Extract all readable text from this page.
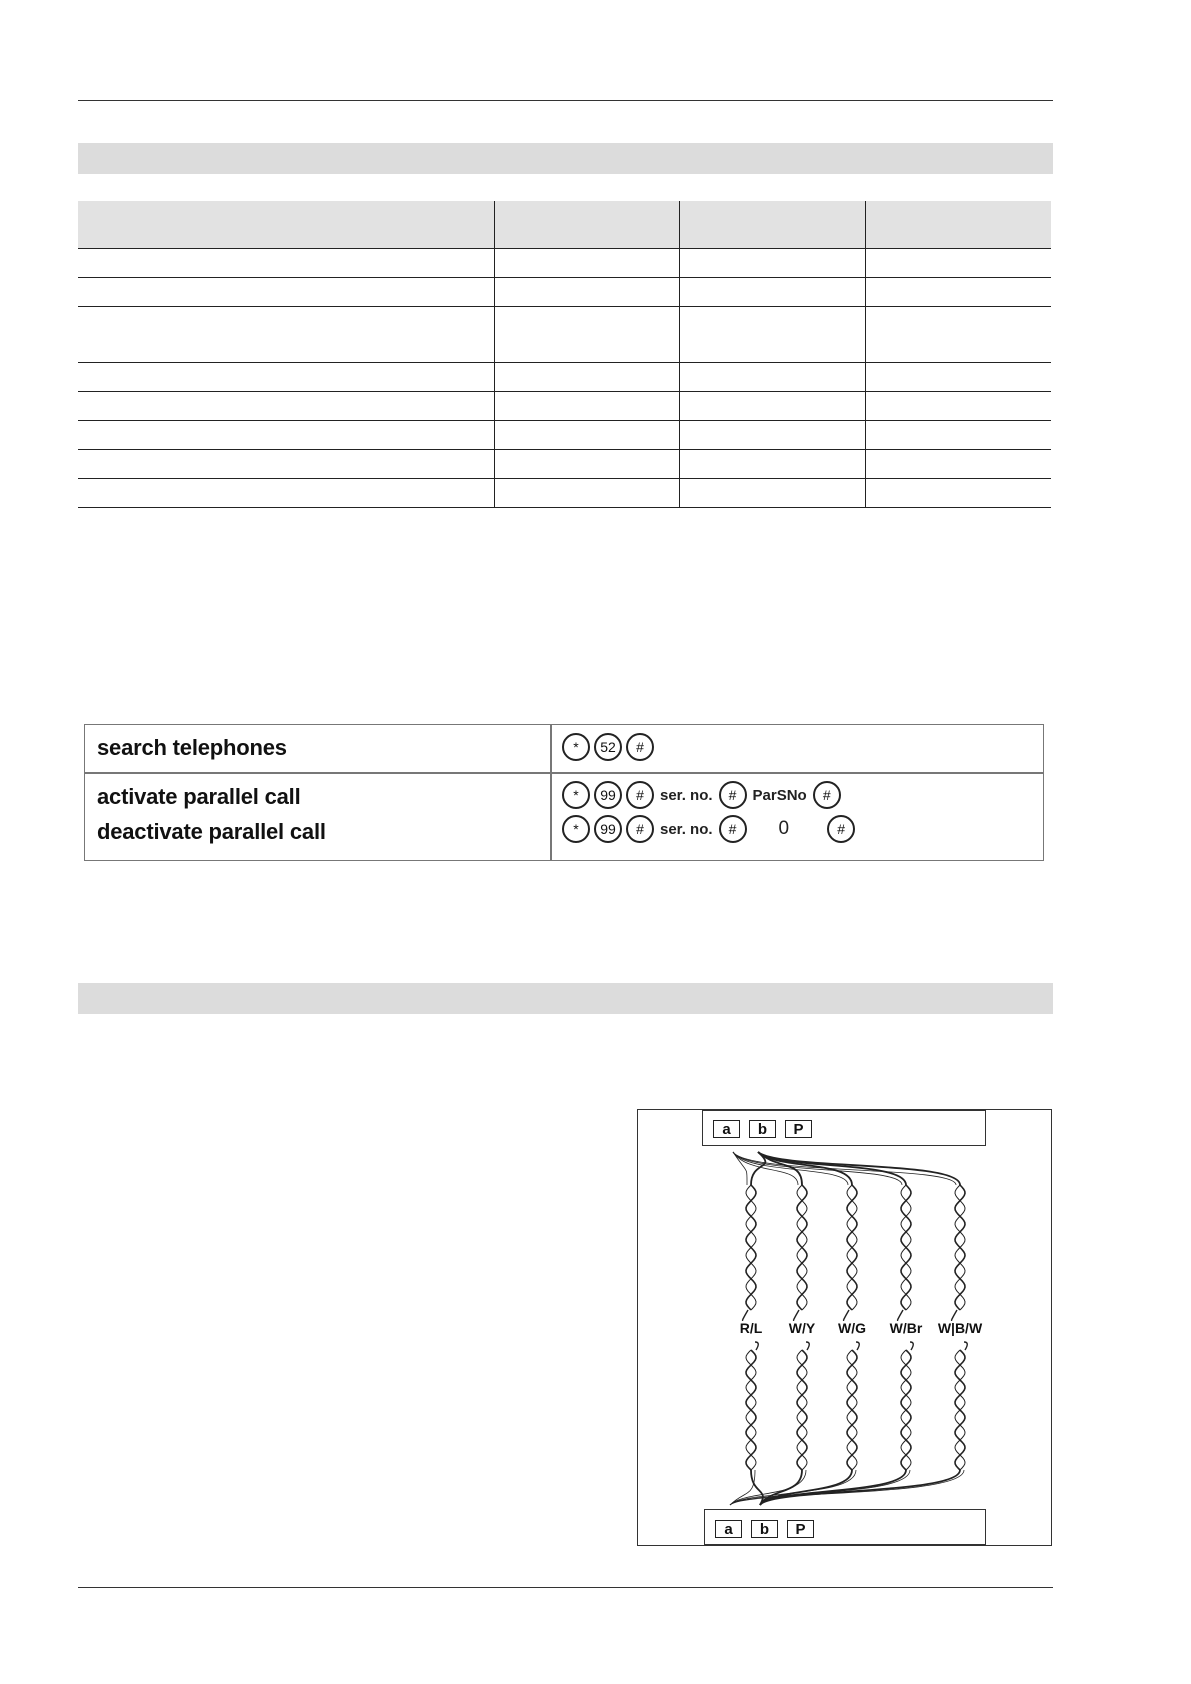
search telephones	*	52	#
activate parallel call	*	99	#	ser. no.	#	ParSNo	#
deactivate parallel call	*	99	#	ser. no.	#	0	#
a	b	P
a	b	P
R/L W/Y W/G W/Br W|B/W
